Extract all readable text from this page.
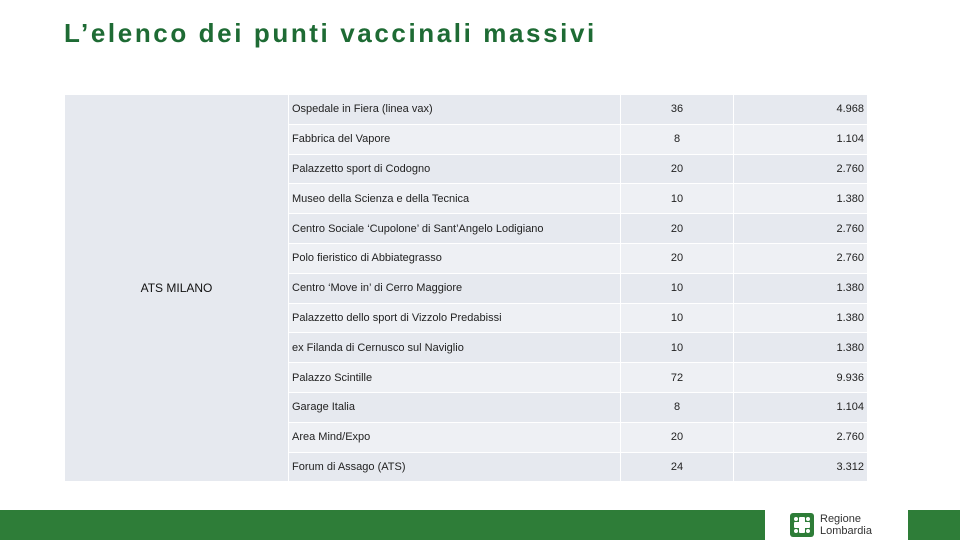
L’elenco dei punti vaccinali massivi
ATS MILANO	Ospedale in Fiera (linea vax)	36	4.968
	Fabbrica del Vapore	8	1.104
	Palazzetto sport di Codogno	20	2.760
	Museo della Scienza e della Tecnica	10	1.380
	Centro Sociale ‘Cupolone’ di Sant’Angelo Lodigiano	20	2.760
	Polo fieristico di Abbiategrasso	20	2.760
	Centro ‘Move in’ di Cerro Maggiore	10	1.380
	Palazzetto dello sport di Vizzolo Predabissi	10	1.380
	ex Filanda di Cernusco sul Naviglio	10	1.380
	Palazzo Scintille	72	9.936
	Garage Italia	8	1.104
	Area Mind/Expo	20	2.760
	Forum di Assago (ATS)	24	3.312
Regione
Lombardia
